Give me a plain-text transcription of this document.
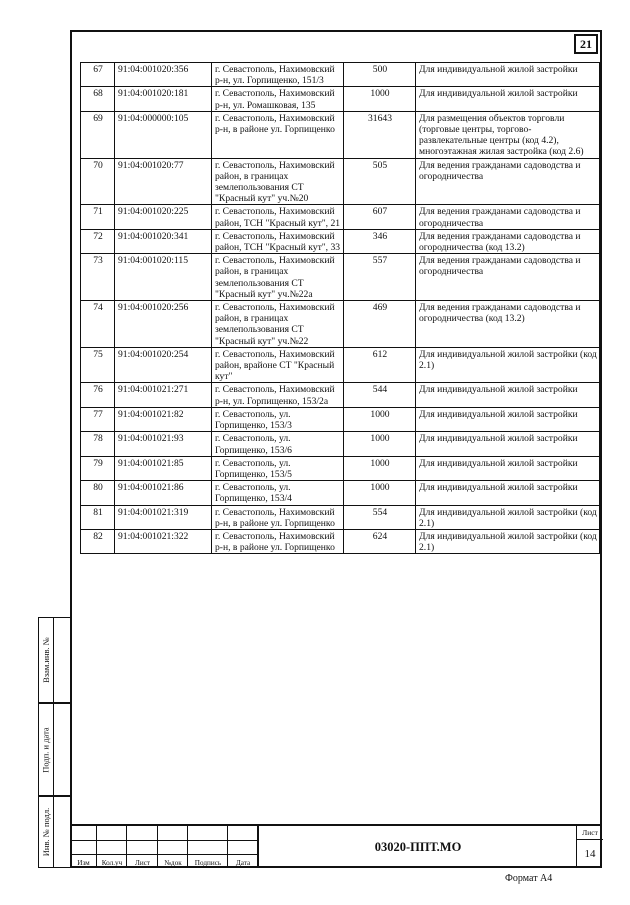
21
67	91:04:001020:356	г. Севастополь, Нахимовский р-н, ул. Горпищенко, 151/3	500	Для индивидуальной жилой застройки
68	91:04:001020:181	г. Севастополь, Нахимовский р-н, ул. Ромашковая, 135	1000	Для индивидуальной жилой застройки
69	91:04:000000:105	г. Севастополь, Нахимовский р-н, в районе ул. Горпищенко	31643	Для размещения объектов торговли (торговые центры, торгово-развлекательные центры (код 4.2), многоэтажная жилая застройка (код 2.6)
70	91:04:001020:77	г. Севастополь, Нахимовский район, в границах землепользования СТ "Красный кут" уч.№20	505	Для ведения гражданами садоводства и огородничества
71	91:04:001020:225	г. Севастополь, Нахимовский район, ТСН "Красный кут", 21	607	Для ведения гражданами садоводства и огородничества
72	91:04:001020:341	г. Севастополь, Нахимовский район, ТСН "Красный кут", 33	346	Для ведения гражданами садоводства и огородничества (код 13.2)
73	91:04:001020:115	г. Севастополь, Нахимовский район, в границах землепользования СТ "Красный кут" уч.№22а	557	Для ведения гражданами садоводства и огородничества
74	91:04:001020:256	г. Севастополь, Нахимовский район, в границах землепользования СТ "Красный кут" уч.№22	469	Для ведения гражданами садоводства и огородничества (код 13.2)
75	91:04:001020:254	г. Севастополь, Нахимовский район, врайоне СТ "Красный кут"	612	Для индивидуальной жилой застройки (код 2.1)
76	91:04:001021:271	г. Севастополь, Нахимовский р-н, ул. Горпищенко, 153/2а	544	Для индивидуальной жилой застройки
77	91:04:001021:82	г. Севастополь, ул. Горпищенко, 153/3	1000	Для индивидуальной жилой застройки
78	91:04:001021:93	г. Севастополь, ул. Горпищенко, 153/6	1000	Для индивидуальной жилой застройки
79	91:04:001021:85	г. Севастополь, ул. Горпищенко, 153/5	1000	Для индивидуальной жилой застройки
80	91:04:001021:86	г. Севастополь, ул. Горпищенко, 153/4	1000	Для индивидуальной жилой застройки
81	91:04:001021:319	г. Севастополь, Нахимовский р-н, в районе ул. Горпищенко	554	Для индивидуальной жилой застройки (код 2.1)
82	91:04:001021:322	г. Севастополь, Нахимовский р-н, в районе ул. Горпищенко	624	Для индивидуальной жилой застройки (код 2.1)
Взам.инв. №
Подп. и дата
Инв. № подл.
Изм	Кол.уч	Лист	№док	Подпись	Дата
03020-ППТ.МО
Лист
14
Формат А4
